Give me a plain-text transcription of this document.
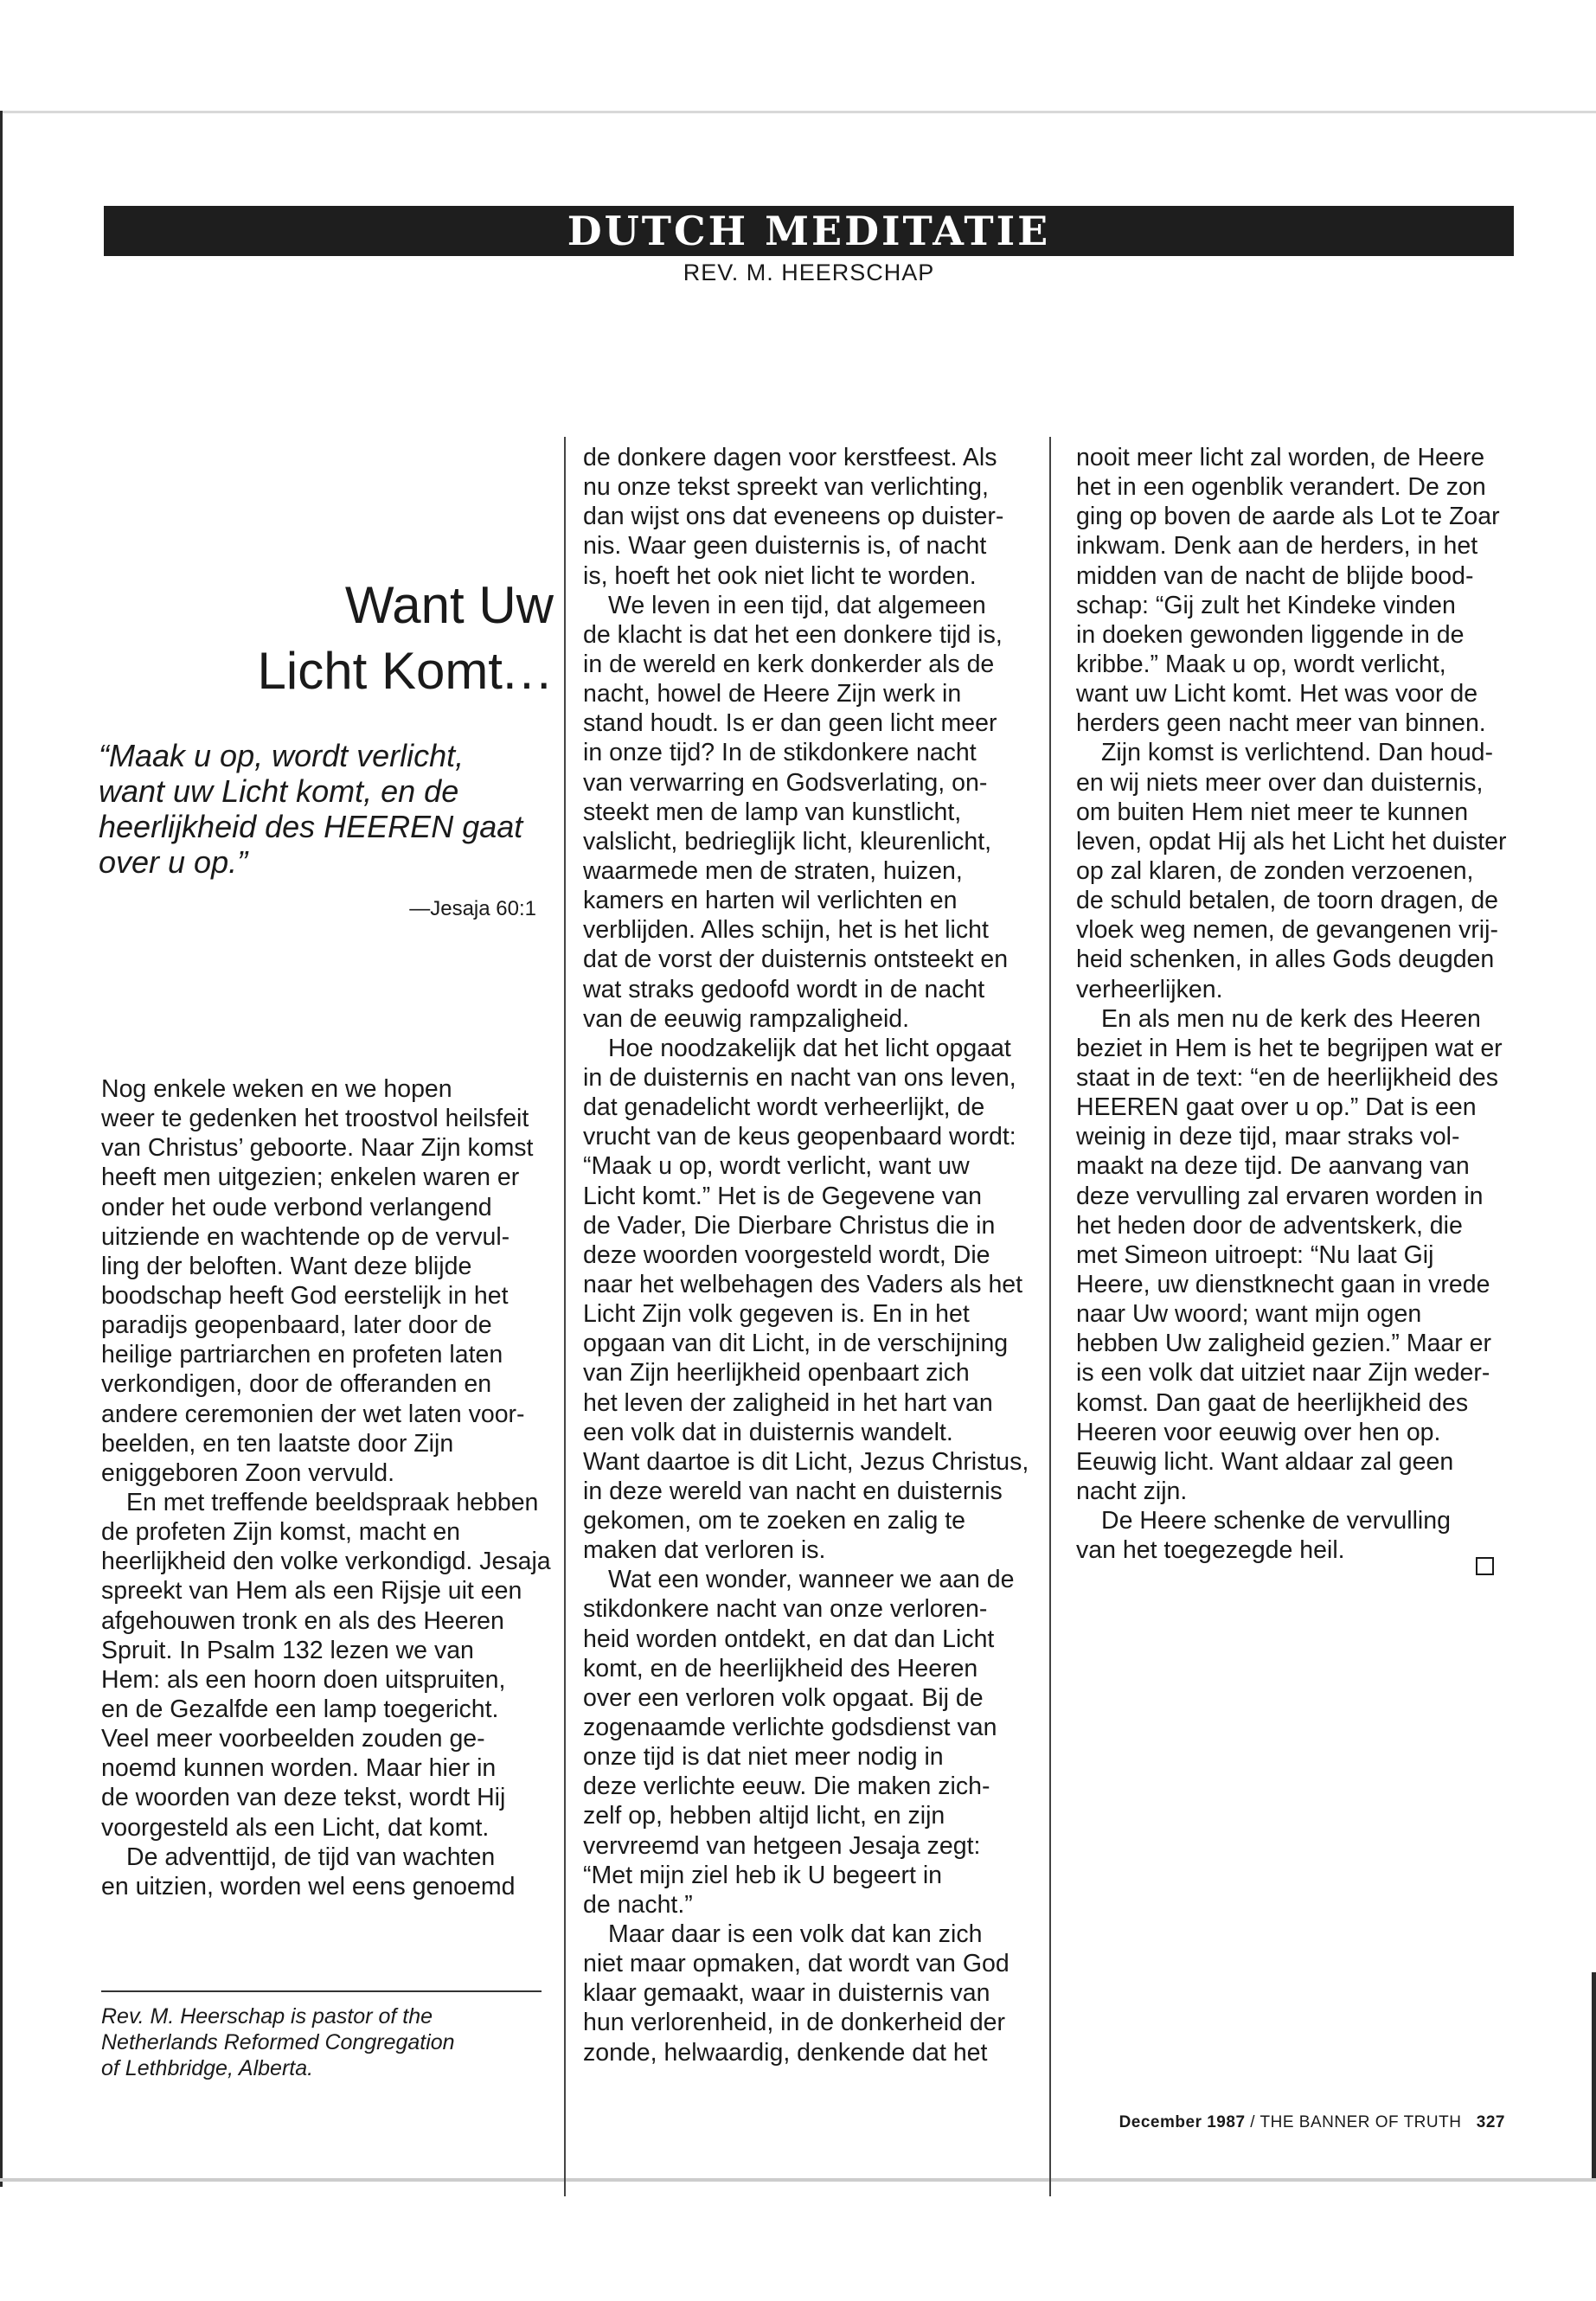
DUTCH MEDITATIE
REV. M. HEERSCHAP
Want Uw
Licht Komt...
“Maak u op, wordt verlicht,
want uw Licht komt, en de
heerlijkheid des HEEREN gaat
over u op.”
—Jesaja 60:1
Nog enkele weken en we hopen
weer te gedenken het troostvol heilsfeit
van Christus’ geboorte. Naar Zijn komst
heeft men uitgezien; enkelen waren er
onder het oude verbond verlangend
uitziende en wachtende op de vervul-
ling der beloften. Want deze blijde
boodschap heeft God eerstelijk in het
paradijs geopenbaard, later door de
heilige partriarchen en profeten laten
verkondigen, door de offeranden en
andere ceremonien der wet laten voor-
beelden, en ten laatste door Zijn
eniggeboren Zoon vervuld.
En met treffende beeldspraak hebben
de profeten Zijn komst, macht en
heerlijkheid den volke verkondigd. Jesaja
spreekt van Hem als een Rijsje uit een
afgehouwen tronk en als des Heeren
Spruit. In Psalm 132 lezen we van
Hem: als een hoorn doen uitspruiten,
en de Gezalfde een lamp toegericht.
Veel meer voorbeelden zouden ge-
noemd kunnen worden. Maar hier in
de woorden van deze tekst, wordt Hij
voorgesteld als een Licht, dat komt.
De adventtijd, de tijd van wachten
en uitzien, worden wel eens genoemd
de donkere dagen voor kerstfeest. Als
nu onze tekst spreekt van verlichting,
dan wijst ons dat eveneens op duister-
nis. Waar geen duisternis is, of nacht
is, hoeft het ook niet licht te worden.
We leven in een tijd, dat algemeen
de klacht is dat het een donkere tijd is,
in de wereld en kerk donkerder als de
nacht, howel de Heere Zijn werk in
stand houdt. Is er dan geen licht meer
in onze tijd? In de stikdonkere nacht
van verwarring en Godsverlating, on-
steekt men de lamp van kunstlicht,
valslicht, bedrieglijk licht, kleurenlicht,
waarmede men de straten, huizen,
kamers en harten wil verlichten en
verblijden. Alles schijn, het is het licht
dat de vorst der duisternis ontsteekt en
wat straks gedoofd wordt in de nacht
van de eeuwig rampzaligheid.
Hoe noodzakelijk dat het licht opgaat
in de duisternis en nacht van ons leven,
dat genadelicht wordt verheerlijkt, de
vrucht van de keus geopenbaard wordt:
“Maak u op, wordt verlicht, want uw
Licht komt.” Het is de Gegevene van
de Vader, Die Dierbare Christus die in
deze woorden voorgesteld wordt, Die
naar het welbehagen des Vaders als het
Licht Zijn volk gegeven is. En in het
opgaan van dit Licht, in de verschijning
van Zijn heerlijkheid openbaart zich
het leven der zaligheid in het hart van
een volk dat in duisternis wandelt.
Want daartoe is dit Licht, Jezus Christus,
in deze wereld van nacht en duisternis
gekomen, om te zoeken en zalig te
maken dat verloren is.
Wat een wonder, wanneer we aan de
stikdonkere nacht van onze verloren-
heid worden ontdekt, en dat dan Licht
komt, en de heerlijkheid des Heeren
over een verloren volk opgaat. Bij de
zogenaamde verlichte godsdienst van
onze tijd is dat niet meer nodig in
deze verlichte eeuw. Die maken zich-
zelf op, hebben altijd licht, en zijn
vervreemd van hetgeen Jesaja zegt:
“Met mijn ziel heb ik U begeert in
de nacht.”
Maar daar is een volk dat kan zich
niet maar opmaken, dat wordt van God
klaar gemaakt, waar in duisternis van
hun verlorenheid, in de donkerheid der
zonde, helwaardig, denkende dat het
nooit meer licht zal worden, de Heere
het in een ogenblik verandert. De zon
ging op boven de aarde als Lot te Zoar
inkwam. Denk aan de herders, in het
midden van de nacht de blijde bood-
schap: “Gij zult het Kindeke vinden
in doeken gewonden liggende in de
kribbe.” Maak u op, wordt verlicht,
want uw Licht komt. Het was voor de
herders geen nacht meer van binnen.
Zijn komst is verlichtend. Dan houd-
en wij niets meer over dan duisternis,
om buiten Hem niet meer te kunnen
leven, opdat Hij als het Licht het duister
op zal klaren, de zonden verzoenen,
de schuld betalen, de toorn dragen, de
vloek weg nemen, de gevangenen vrij-
heid schenken, in alles Gods deugden
verheerlijken.
En als men nu de kerk des Heeren
beziet in Hem is het te begrijpen wat er
staat in de text: “en de heerlijkheid des
HEEREN gaat over u op.” Dat is een
weinig in deze tijd, maar straks vol-
maakt na deze tijd. De aanvang van
deze vervulling zal ervaren worden in
het heden door de adventskerk, die
met Simeon uitroept: “Nu laat Gij
Heere, uw dienstknecht gaan in vrede
naar Uw woord; want mijn ogen
hebben Uw zaligheid gezien.” Maar er
is een volk dat uitziet naar Zijn weder-
komst. Dan gaat de heerlijkheid des
Heeren voor eeuwig over hen op.
Eeuwig licht. Want aldaar zal geen
nacht zijn.
De Heere schenke de vervulling
van het toegezegde heil.
Rev. M. Heerschap is pastor of the
Netherlands Reformed Congregation
of Lethbridge, Alberta.
December 1987 / THE BANNER OF TRUTH 327
